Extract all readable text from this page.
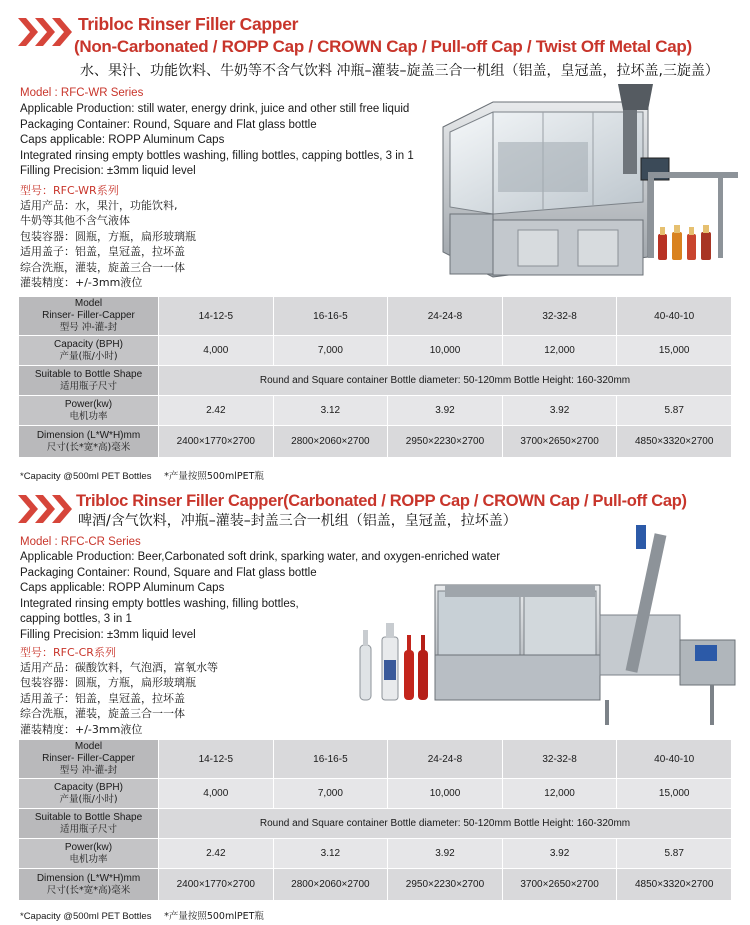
Tribloc Rinser Filler Capper
(Non-Carbonated / ROPP Cap / CROWN Cap / Pull-off Cap / Twist Off Metal Cap)
水、果汁、功能饮料、牛奶等不含气饮料 冲瓶–灌装–旋盖三合一机组（铝盖，皇冠盖，拉坏盖,三旋盖）
Model : RFC-WR Series
Applicable Production: still water, energy drink, juice and other still free liquid
Packaging Container: Round, Square and Flat glass bottle
Caps applicable: ROPP Aluminum Caps
Integrated rinsing empty bottles washing, filling bottles, capping bottles, 3 in 1
Filling Precision: ±3mm liquid level
型号：RFC-WR系列
适用产品：水，果汁，功能饮料,
牛奶等其他不含气液体
包装容器：圆瓶，方瓶，扁形玻璃瓶
适用盖子：铝盖，皇冠盖，拉坏盖
综合洗瓶，灌装，旋盖三合一一体
灌装精度：+/-3mm液位
Model
Rinser- Filler-Capper
型号 冲-灌-封	14-12-5	16-16-5	24-24-8	32-32-8	40-40-10

Capacity (BPH)
产量(瓶/小时)	4,000	7,000	10,000	12,000	15,000

Suitable to Bottle Shape
适用瓶子尺寸	Round and Square container Bottle diameter: 50-120mm Bottle Height: 160-320mm				

Power(kw)
电机功率	2.42	3.12	3.92	3.92	5.87

Dimension (L*W*H)mm
尺寸(长*宽*高)毫米	2400×1770×2700	2800×2060×2700	2950×2230×2700	3700×2650×2700	4850×3320×2700
*Capacity @500ml PET Bottles *产量按照500mlPET瓶
Tribloc Rinser Filler Capper(Carbonated / ROPP Cap / CROWN Cap / Pull-off Cap)
啤酒/含气饮料，冲瓶–灌装–封盖三合一机组（铝盖，皇冠盖，拉坏盖）
Model : RFC-CR Series
Applicable Production: Beer,Carbonated soft drink, sparking water, and oxygen-enriched water
Packaging Container: Round, Square and Flat glass bottle
Caps applicable: ROPP Aluminum Caps
Integrated rinsing empty bottles washing, filling bottles,
capping bottles, 3 in 1
Filling Precision: ±3mm liquid level
型号：RFC-CR系列
适用产品：碳酸饮料，气泡酒，富氧水等
包装容器：圆瓶，方瓶，扁形玻璃瓶
适用盖子：铝盖，皇冠盖，拉坏盖
综合洗瓶，灌装，旋盖三合一一体
灌装精度：+/-3mm液位
Model
Rinser- Filler-Capper
型号 冲-灌-封	14-12-5	16-16-5	24-24-8	32-32-8	40-40-10

Capacity (BPH)
产量(瓶/小时)	4,000	7,000	10,000	12,000	15,000

Suitable to Bottle Shape
适用瓶子尺寸	Round and Square container Bottle diameter: 50-120mm Bottle Height: 160-320mm				

Power(kw)
电机功率	2.42	3.12	3.92	3.92	5.87

Dimension (L*W*H)mm
尺寸(长*宽*高)毫米	2400×1770×2700	2800×2060×2700	2950×2230×2700	3700×2650×2700	4850×3320×2700
*Capacity @500ml PET Bottles *产量按照500mlPET瓶
